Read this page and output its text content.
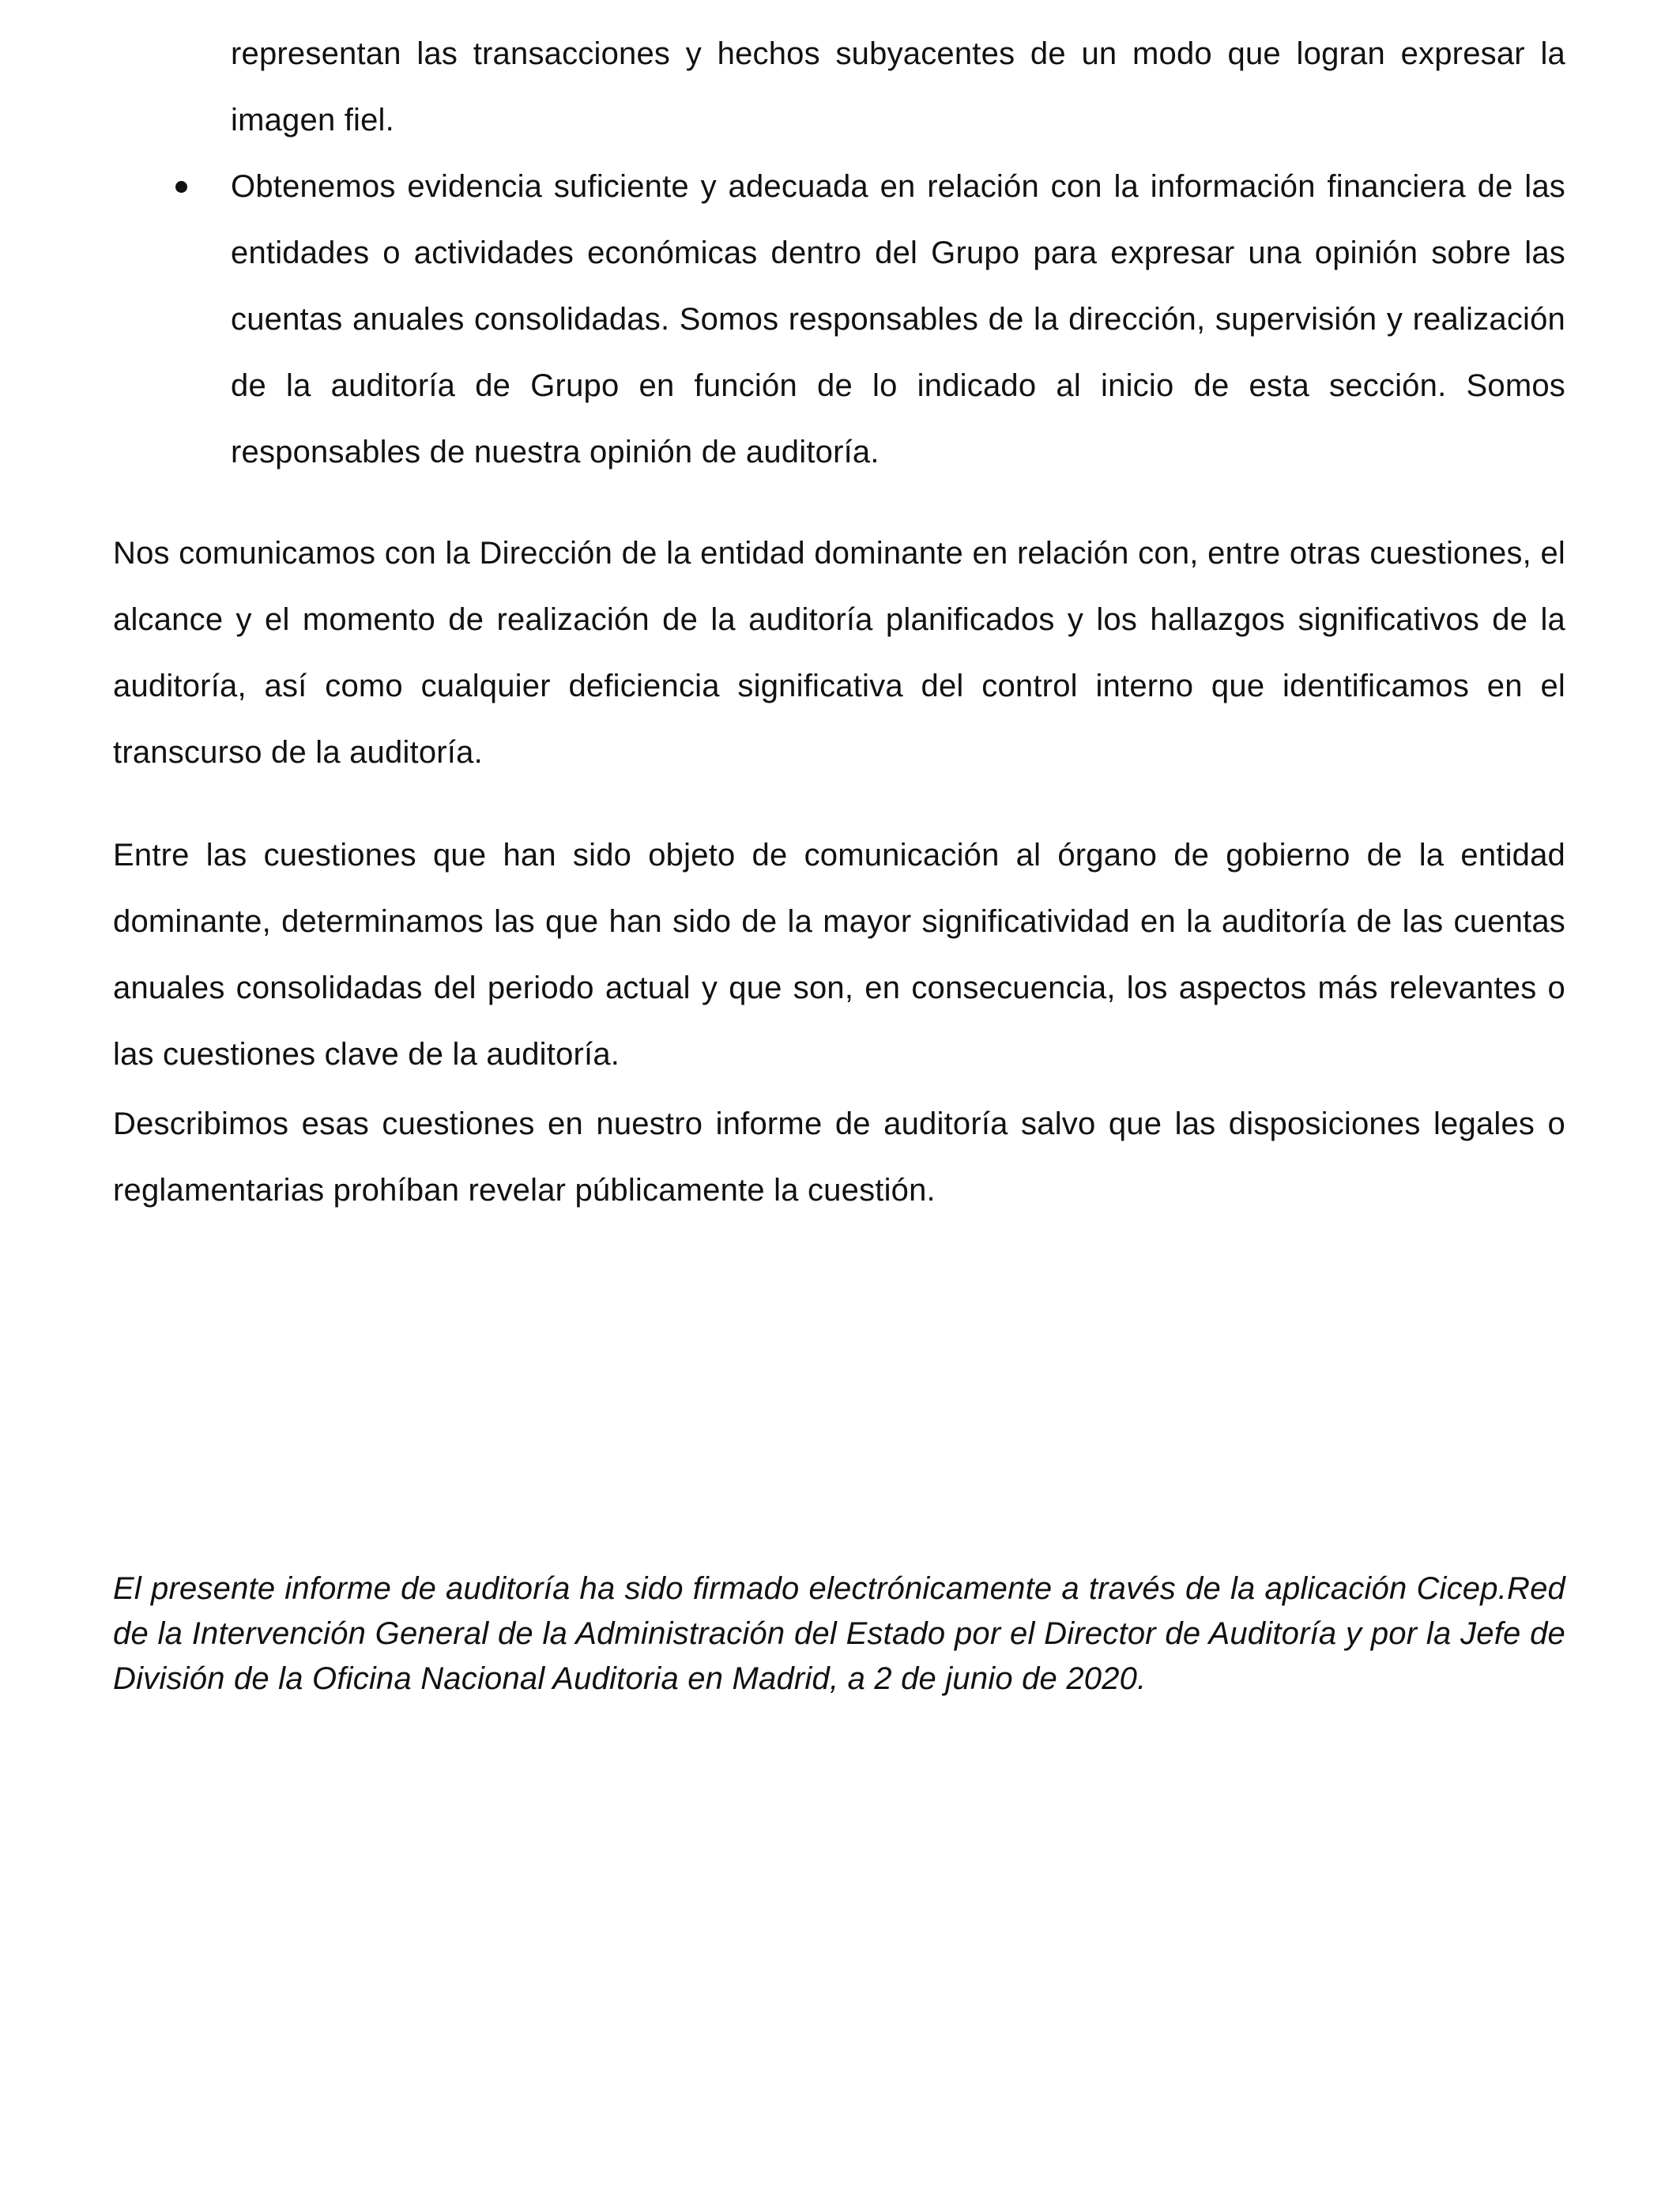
representan las transacciones y hechos subyacentes de un modo que logran expresar la imagen fiel.

Obtenemos evidencia suficiente y adecuada en relación con la información financiera de las entidades o actividades económicas dentro del Grupo para expresar una opinión sobre las cuentas anuales consolidadas. Somos responsables de la dirección, supervisión y realización de la auditoría de Grupo en función de lo indicado al inicio de esta sección. Somos responsables de nuestra opinión de auditoría.

Nos comunicamos con la Dirección de la entidad dominante en relación con, entre otras cuestiones, el alcance y el momento de realización de la auditoría planificados y los hallazgos significativos de la auditoría, así como cualquier deficiencia significativa del control interno que identificamos en el transcurso de la auditoría.

Entre las cuestiones que han sido objeto de comunicación al órgano de gobierno de la entidad dominante, determinamos las que han sido de la mayor significatividad en la auditoría de las cuentas anuales consolidadas del periodo actual y que son, en consecuencia, los aspectos más relevantes o las cuestiones clave de la auditoría.

Describimos esas cuestiones en nuestro informe de auditoría salvo que las disposiciones legales o reglamentarias prohíban revelar públicamente la cuestión.

El presente informe de auditoría ha sido firmado electrónicamente a través de la aplicación Cicep.Red de la Intervención General de la Administración del Estado por el Director de Auditoría y por la Jefe de División de la Oficina Nacional Auditoria en Madrid, a 2 de junio de 2020.
